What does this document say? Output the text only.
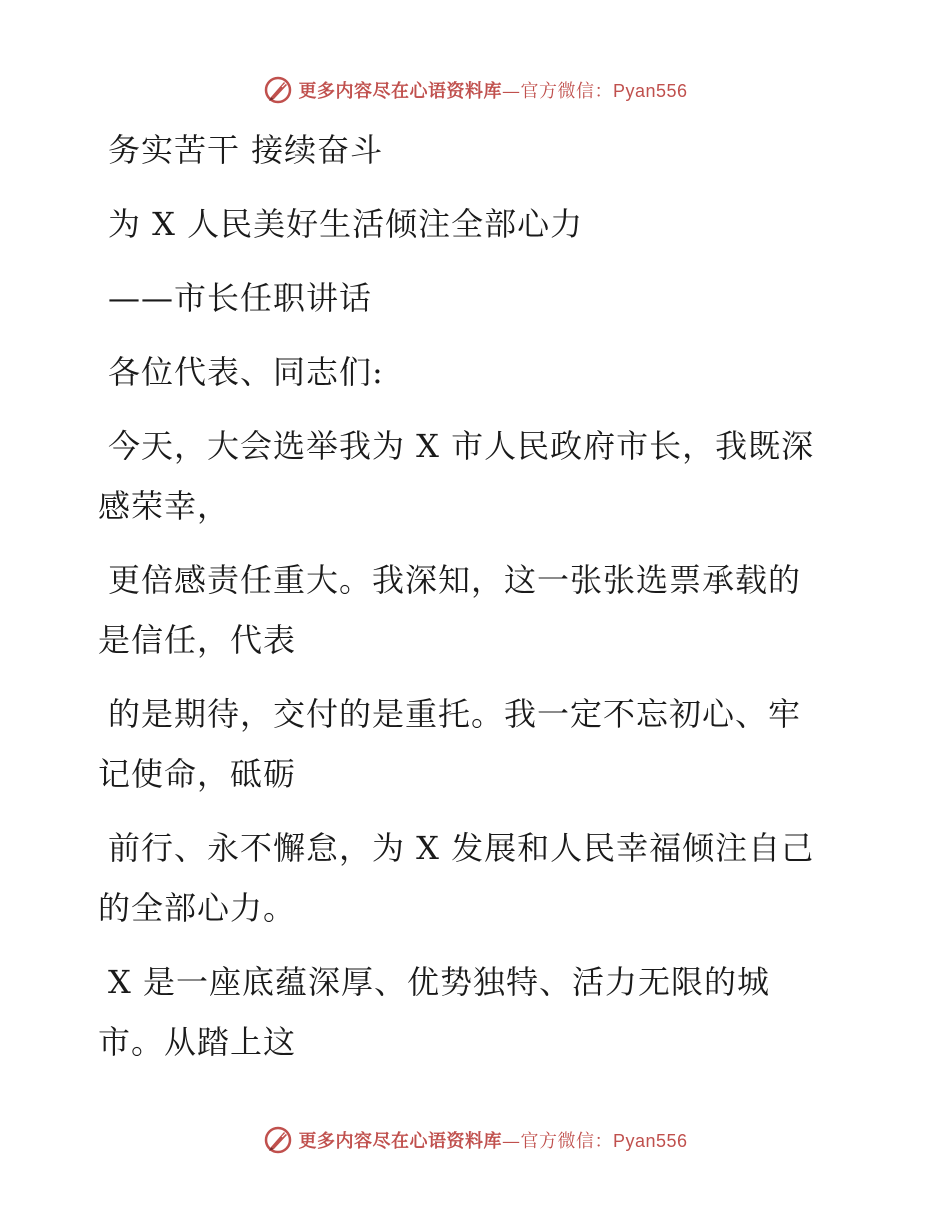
更多内容尽在心语资料库—官方微信：Pyan556

务实苦干 接续奋斗

为 X 人民美好生活倾注全部心力

——市长任职讲话

各位代表、同志们:

今天，大会选举我为 X 市人民政府市长，我既深
感荣幸，

更倍感责任重大。我深知，这一张张选票承载的
是信任，代表

的是期待，交付的是重托。我一定不忘初心、牢
记使命，砥砺

前行、永不懈怠，为 X 发展和人民幸福倾注自己
的全部心力。

X 是一座底蕴深厚、优势独特、活力无限的城
市。从踏上这

更多内容尽在心语资料库—官方微信：Pyan556
